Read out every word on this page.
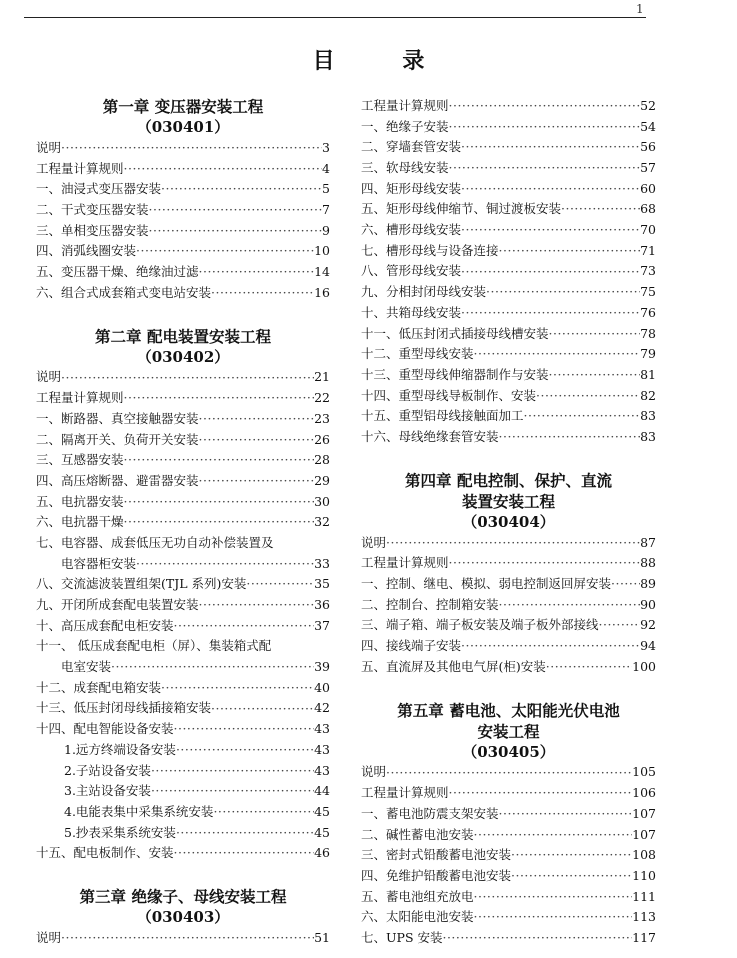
1
目 录
第一章 变压器安装工程
（030401）
说明 ·····	3
工程量计算规则 ·····	4
一、油浸式变压器安装 ·····	5
二、干式变压器安装 ·····	7
三、单相变压器安装 ·····	9
四、消弧线圈安装 ·····	10
五、变压器干燥、绝缘油过滤 ·····	14
六、组合式成套箱式变电站安装 ·····	16
第二章 配电装置安装工程
（030402）
说明 ·····	21
工程量计算规则 ·····	22
一、断路器、真空接触器安装 ·····	23
二、隔离开关、负荷开关安装 ·····	26
三、互感器安装 ·····	28
四、高压熔断器、避雷器安装 ·····	29
五、电抗器安装 ·····	30
六、电抗器干燥 ·····	32
七、电容器、成套低压无功自动补偿装置及
电容器柜安装 ·····	33
八、交流滤波装置组架(TJL 系列)安装 ·····	35
九、开闭所成套配电装置安装 ·····	36
十、高压成套配电柜安装 ·····	37
十一、 低压成套配电柜（屏）、集装箱式配
电室安装 ·····	39
十二、成套配电箱安装 ·····	40
十三、低压封闭母线插接箱安装 ·····	42
十四、配电智能设备安装 ·····	43
1.远方终端设备安装 ·····	43
2.子站设备安装 ·····	43
3.主站设备安装 ·····	44
4.电能表集中采集系统安装 ·····	45
5.抄表采集系统安装 ·····	45
十五、配电板制作、安装 ·····	46
第三章 绝缘子、母线安装工程
（030403）
说明 ·····	51
工程量计算规则 ·····	52
一、绝缘子安装 ·····	54
二、穿墙套管安装 ·····	56
三、软母线安装 ·····	57
四、矩形母线安装 ·····	60
五、矩形母线伸缩节、铜过渡板安装 ·····	68
六、槽形母线安装 ·····	70
七、槽形母线与设备连接 ·····	71
八、管形母线安装 ·····	73
九、分相封闭母线安装 ·····	75
十、共箱母线安装 ·····	76
十一、低压封闭式插接母线槽安装 ·····	78
十二、重型母线安装 ·····	79
十三、重型母线伸缩器制作与安装 ·····	81
十四、重型母线导板制作、安装 ·····	82
十五、重型铝母线接触面加工 ·····	83
十六、母线绝缘套管安装 ·····	83
第四章 配电控制、保护、直流
装置安装工程
（030404）
说明 ·····	87
工程量计算规则 ·····	88
一、控制、继电、模拟、弱电控制返回屏安装 ····· 89
二、控制台、控制箱安装 ·····	90
三、端子箱、端子板安装及端子板外部接线 ·····	92
四、接线端子安装 ·····	94
五、直流屏及其他电气屏(柜)安装 ·····	100
第五章 蓄电池、太阳能光伏电池
安装工程
（030405）
说明 ·····	105
工程量计算规则 ·····	106
一、蓄电池防震支架安装 ·····	107
二、碱性蓄电池安装 ·····	107
三、密封式铅酸蓄电池安装 ·····	108
四、免维护铅酸蓄电池安装 ·····	110
五、蓄电池组充放电 ·····	111
六、太阳能电池安装 ·····	113
七、UPS 安装 ·····	117
